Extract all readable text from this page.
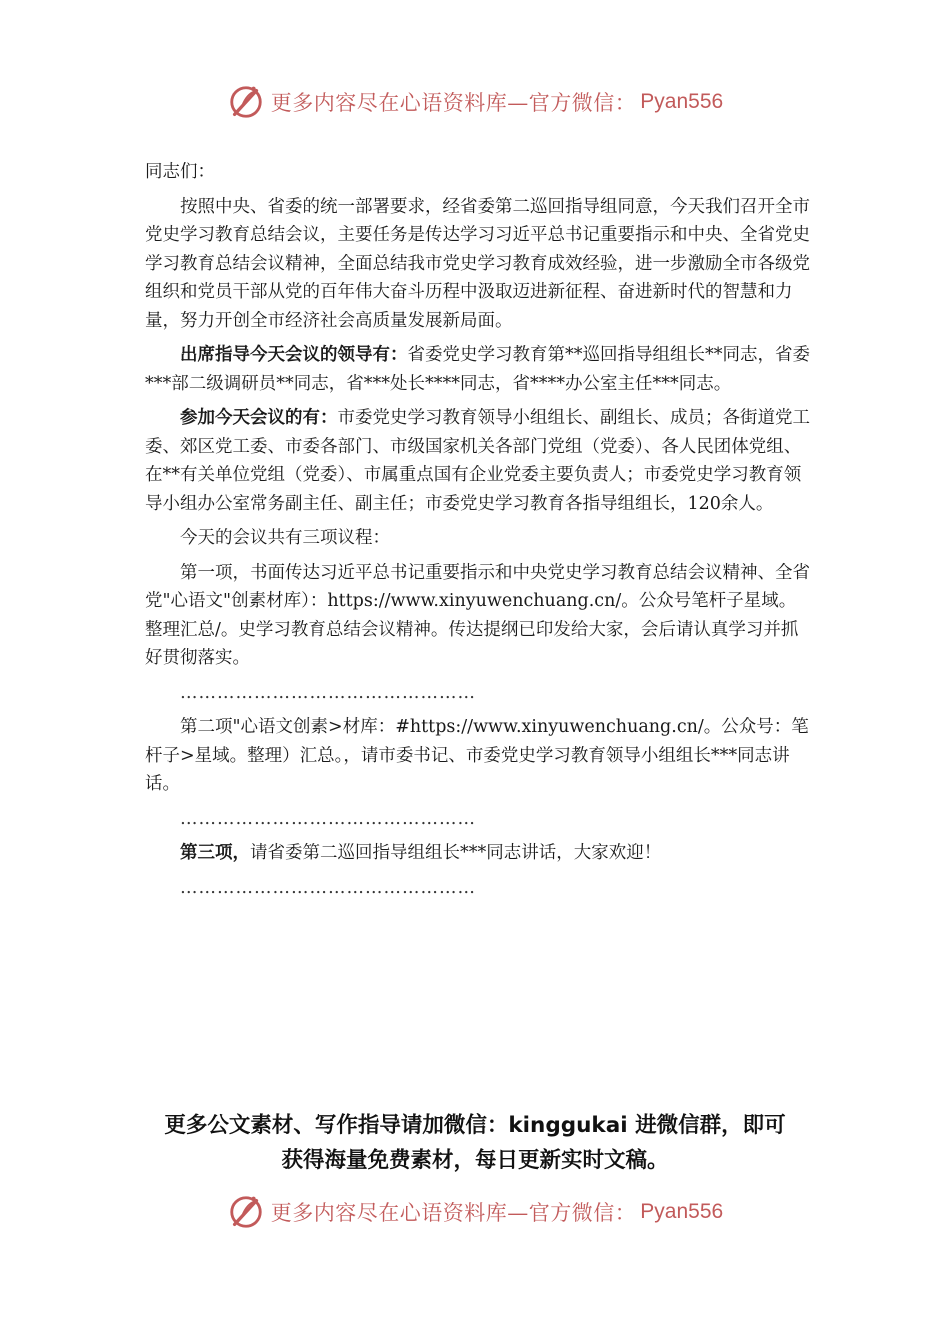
更多内容尽在心语资料库—官方微信： Pyan556

同志们：

按照中央、省委的统一部署要求，经省委第二巡回指导组同意，今天我们召开全市党史学习教育总结会议，主要任务是传达学习习近平总书记重要指示和中央、全省党史学习教育总结会议精神，全面总结我市党史学习教育成效经验，进一步激励全市各级党组织和党员干部从党的百年伟大奋斗历程中汲取迈进新征程、奋进新时代的智慧和力量，努力开创全市经济社会高质量发展新局面。

出席指导今天会议的领导有：省委党史学习教育第**巡回指导组组长**同志，省委***部二级调研员**同志，省***处长****同志，省****办公室主任***同志。

参加今天会议的有：市委党史学习教育领导小组组长、副组长、成员；各街道党工委、郊区党工委、市委各部门、市级国家机关各部门党组（党委）、各人民团体党组、在**有关单位党组（党委）、市属重点国有企业党委主要负责人；市委党史学习教育领导小组办公室常务副主任、副主任；市委党史学习教育各指导组组长，120余人。

今天的会议共有三项议程：

第一项，书面传达习近平总书记重要指示和中央党史学习教育总结会议精神、全省党"心语文"创素材库）：https://www.xinyuwenchuang.cn/。公众号笔杆子星域。整理汇总/。史学习教育总结会议精神。传达提纲已印发给大家，会后请认真学习并抓好贯彻落实。

…………………………………………

第二项"心语文创素>材库：#https://www.xinyuwenchuang.cn/。公众号：笔杆子>星域。整理）汇总。，请市委书记、市委党史学习教育领导小组组长***同志讲话。

…………………………………………

第三项，请省委第二巡回指导组组长***同志讲话，大家欢迎！

…………………………………………

更多公文素材、写作指导请加微信：kinggukai 进微信群，即可
获得海量免费素材，每日更新实时文稿。
更多内容尽在心语资料库—官方微信： Pyan556
